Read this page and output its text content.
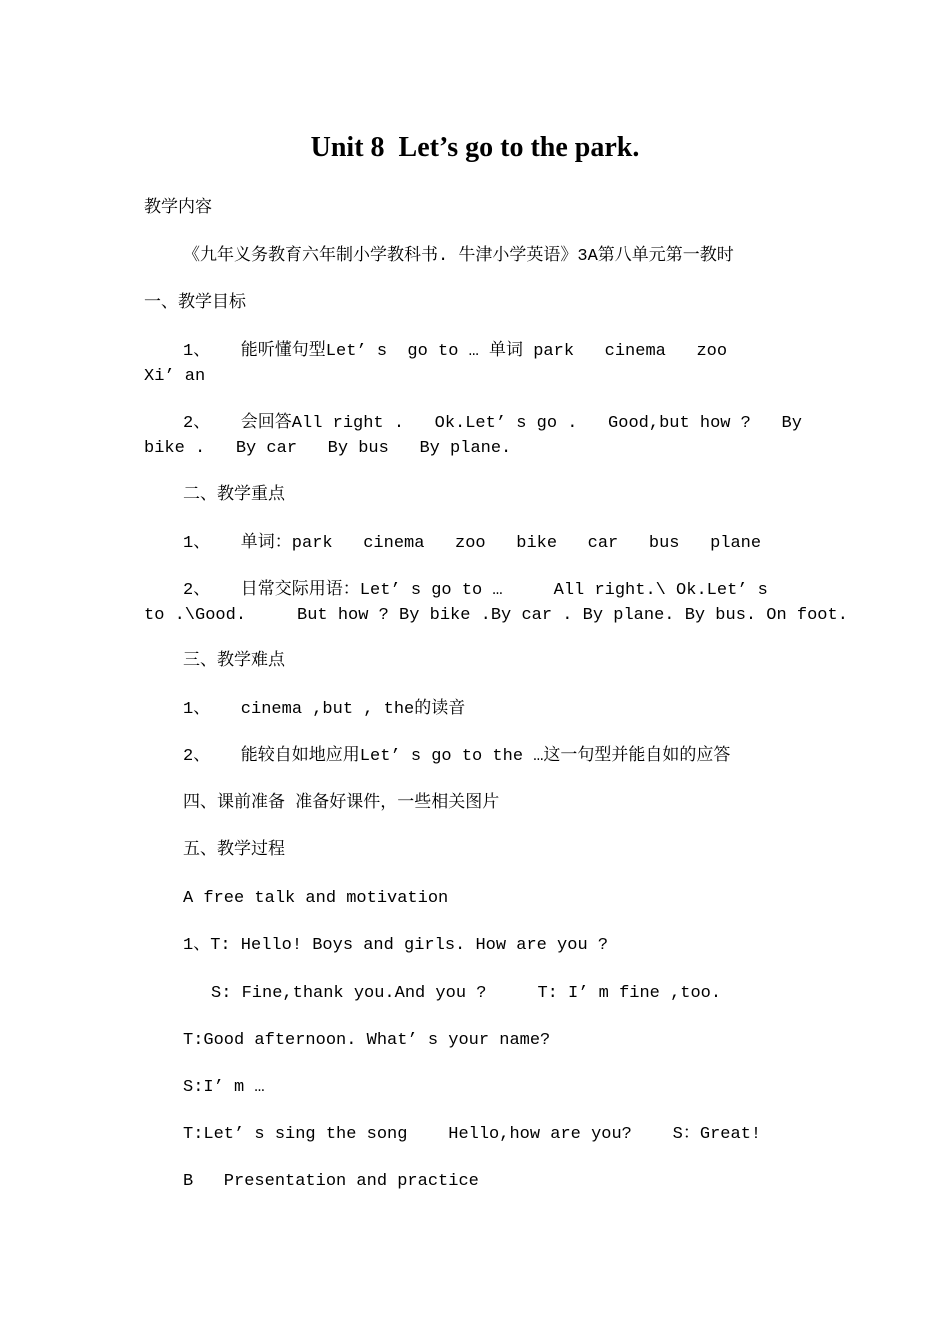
Unit 8  Let’s go to the park.
教学内容
《九年义务教育六年制小学教科书. 牛津小学英语》3A第八单元第一教时
一、教学目标
1、   能听懂句型Let’ s  go to … 单词 park   cinema   zoo
Xi’ an
2、   会回答All right .   Ok.Let’ s go .   Good,but how ?   By
bike .   By car   By bus   By plane.
二、教学重点
1、   单词：park   cinema   zoo   bike   car   bus   plane
2、   日常交际用语：Let’ s go to …     All right.\ Ok.Let’ s
to .\Good.     But how ? By bike .By car . By plane. By bus. On foot.
三、教学难点
1、   cinema ,but , the的读音
2、   能较自如地应用Let’ s go to the …这一句型并能自如的应答
四、课前准备 准备好课件，一些相关图片
五、教学过程
A free talk and motivation
1、T: Hello! Boys and girls. How are you ?
S: Fine,thank you.And you ?     T: I’ m fine ,too.
T:Good afternoon. What’ s your name?
S:I’ m …
T:Let’ s sing the song    Hello,how are you?    S：Great!
B   Presentation and practice
